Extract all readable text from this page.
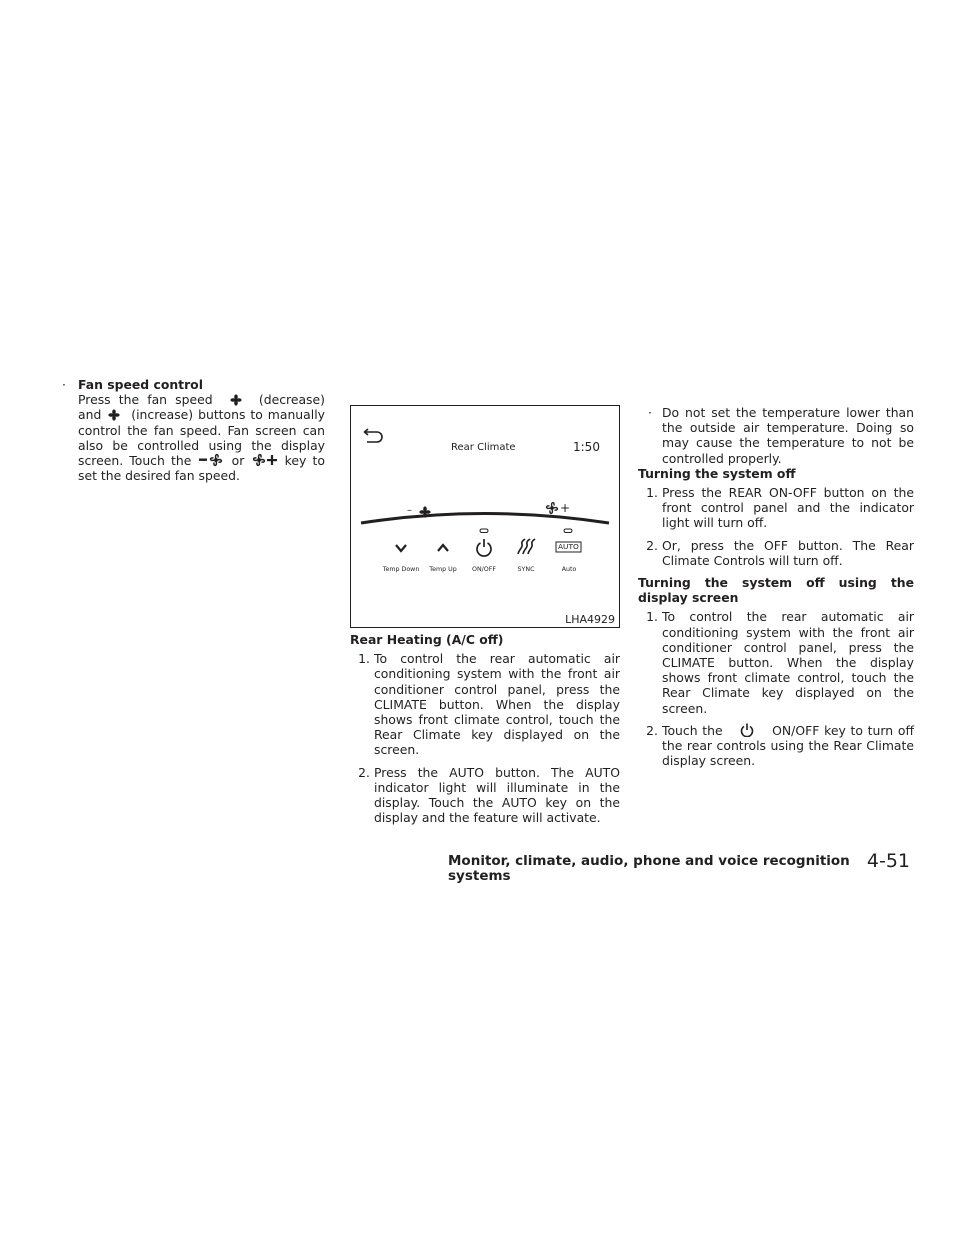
· Fan speed control

Press the fan speed	(decrease) and (increase) buttons to manually control the fan speed. Fan screen can also be controlled using the display screen. Touch the	or	key to set the desired fan speed.

Rear Climate	1:50
–	+
AUTO
Temp Down	Temp Up	ON/OFF	SYNC	Auto
LHA4929

Rear Heating (A/C off)

1. To control the rear automatic air conditioning system with the front air conditioner control panel, press the CLIMATE button. When the display shows front climate control, touch the Rear Climate key displayed on the screen.
2. Press the AUTO button. The AUTO indicator light will illuminate in the display. Touch the AUTO key on the display and the feature will activate.
· Do not set the temperature lower than the outside air temperature. Doing so may cause the temperature to not be controlled properly.

Turning the system off

1. Press the REAR ON-OFF button on the front control panel and the indicator light will turn off.
2. Or, press the OFF button. The Rear Climate Controls will turn off.

Turning the system off using the display screen

1. To control the rear automatic air conditioning system with the front air conditioner control panel, press the CLIMATE button. When the display shows front climate control, touch the Rear Climate key displayed on the screen.
2. Touch the	ON/OFF key to turn off the rear controls using the Rear Climate display screen.
Monitor, climate, audio, phone and voice recognition systems
4-51
